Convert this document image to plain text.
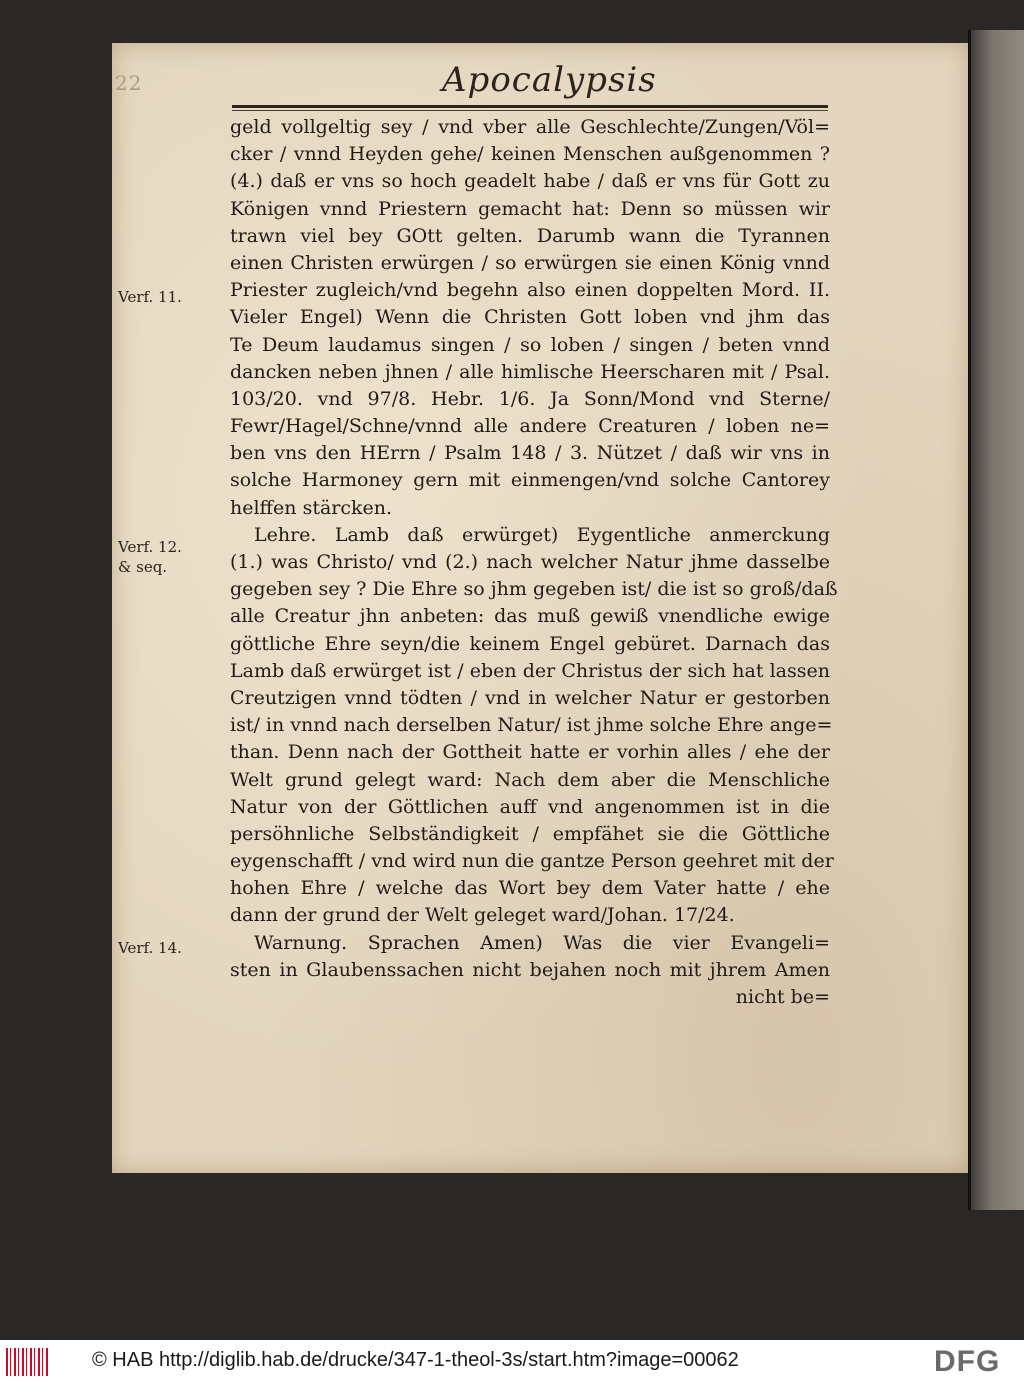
22	Apocalypsis
Verf. 11.
Verf. 12. & seq.
Verf. 14.
geld vollgeltig sey / vnd vber alle Geschlechte/Zungen/Völ=
cker / vnnd Heyden gehe/ keinen Menschen außgenommen ?
(4.) daß er vns so hoch geadelt habe / daß er vns für Gott zu
Königen vnnd Priestern gemacht hat: Denn so müssen wir
trawn viel bey GOtt gelten. Darumb wann die Tyrannen
einen Christen erwürgen / so erwürgen sie einen König vnnd
Priester zugleich/vnd begehn also einen doppelten Mord. II.
Vieler Engel) Wenn die Christen Gott loben vnd jhm das
Te Deum laudamus singen / so loben / singen / beten vnnd
dancken neben jhnen / alle himlische Heerscharen mit / Psal.
103/20. vnd 97/8. Hebr. 1/6. Ja Sonn/Mond vnd Sterne/
Fewr/Hagel/Schne/vnnd alle andere Creaturen / loben ne=
ben vns den HErrn / Psalm 148 / 3. Nützet / daß wir vns in
solche Harmoney gern mit einmengen/vnd solche Cantorey
helffen stärcken.
Lehre. Lamb daß erwürget) Eygentliche anmerckung
(1.) was Christo/ vnd (2.) nach welcher Natur jhme dasselbe
gegeben sey ? Die Ehre so jhm gegeben ist/ die ist so groß/daß
alle Creatur jhn anbeten: das muß gewiß vnendliche ewige
göttliche Ehre seyn/die keinem Engel gebüret. Darnach das
Lamb daß erwürget ist / eben der Christus der sich hat lassen
Creutzigen vnnd tödten / vnd in welcher Natur er gestorben
ist/ in vnnd nach derselben Natur/ ist jhme solche Ehre ange=
than. Denn nach der Gottheit hatte er vorhin alles / ehe der
Welt grund gelegt ward: Nach dem aber die Menschliche
Natur von der Göttlichen auff vnd angenommen ist in die
persöhnliche Selbständigkeit / empfähet sie die Göttliche
eygenschafft / vnd wird nun die gantze Person geehret mit der
hohen Ehre / welche das Wort bey dem Vater hatte / ehe
dann der grund der Welt geleget ward/Johan. 17/24.
Warnung. Sprachen Amen) Was die vier Evangeli=
sten in Glaubenssachen nicht bejahen noch mit jhrem Amen
nicht be=
© HAB http://diglib.hab.de/drucke/347-1-theol-3s/start.htm?image=00062	DFG
